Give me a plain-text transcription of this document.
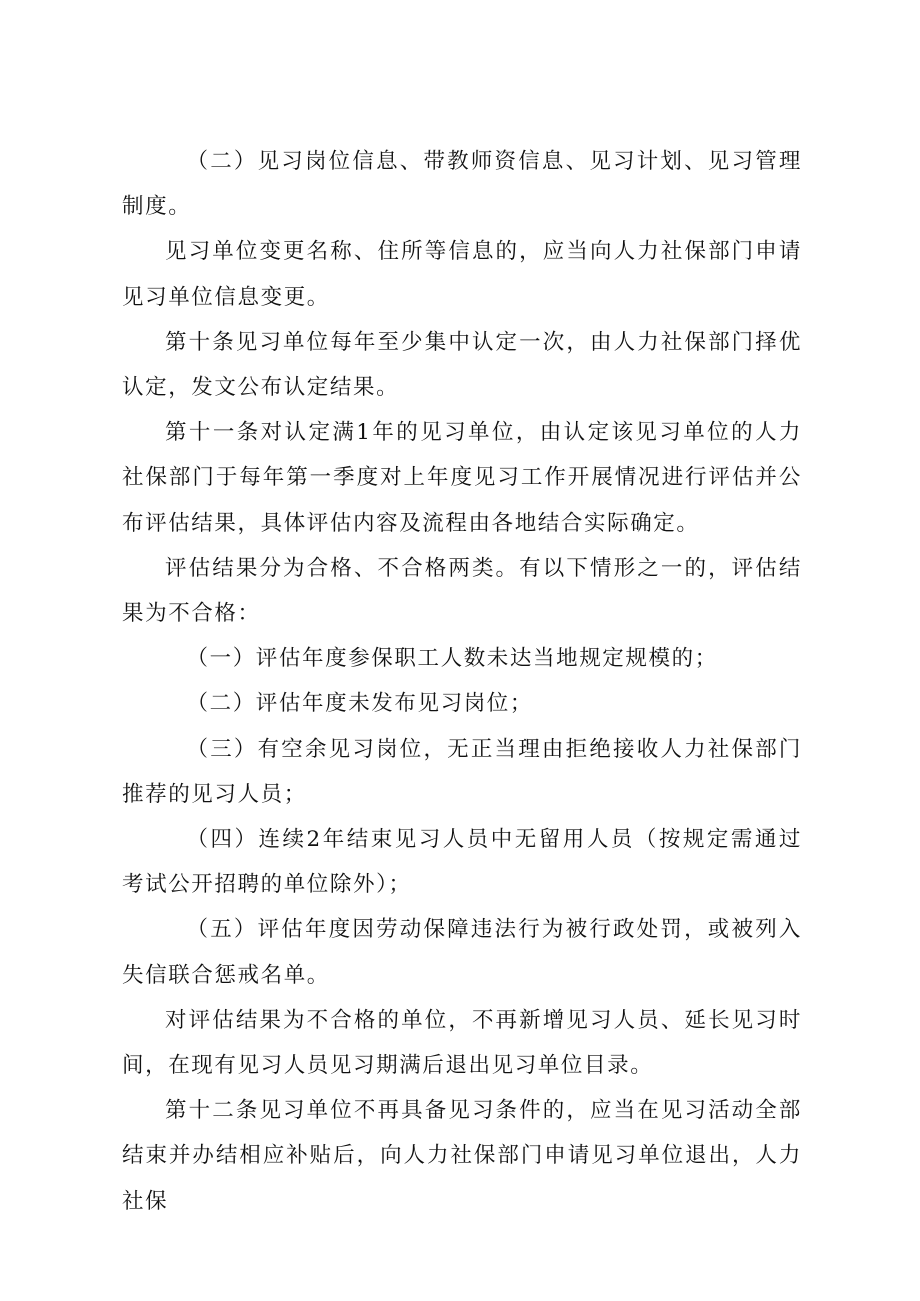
（二）见习岗位信息、带教师资信息、见习计划、见习管理制度。

见习单位变更名称、住所等信息的，应当向人力社保部门申请见习单位信息变更。

第十条见习单位每年至少集中认定一次，由人力社保部门择优认定，发文公布认定结果。

第十一条对认定满1年的见习单位，由认定该见习单位的人力社保部门于每年第一季度对上年度见习工作开展情况进行评估并公布评估结果，具体评估内容及流程由各地结合实际确定。

评估结果分为合格、不合格两类。有以下情形之一的，评估结果为不合格：

（一）评估年度参保职工人数未达当地规定规模的；

（二）评估年度未发布见习岗位；

（三）有空余见习岗位，无正当理由拒绝接收人力社保部门推荐的见习人员；

（四）连续2年结束见习人员中无留用人员（按规定需通过考试公开招聘的单位除外）；

（五）评估年度因劳动保障违法行为被行政处罚，或被列入失信联合惩戒名单。

对评估结果为不合格的单位，不再新增见习人员、延长见习时间，在现有见习人员见习期满后退出见习单位目录。

第十二条见习单位不再具备见习条件的，应当在见习活动全部结束并办结相应补贴后，向人力社保部门申请见习单位退出，人力社保
